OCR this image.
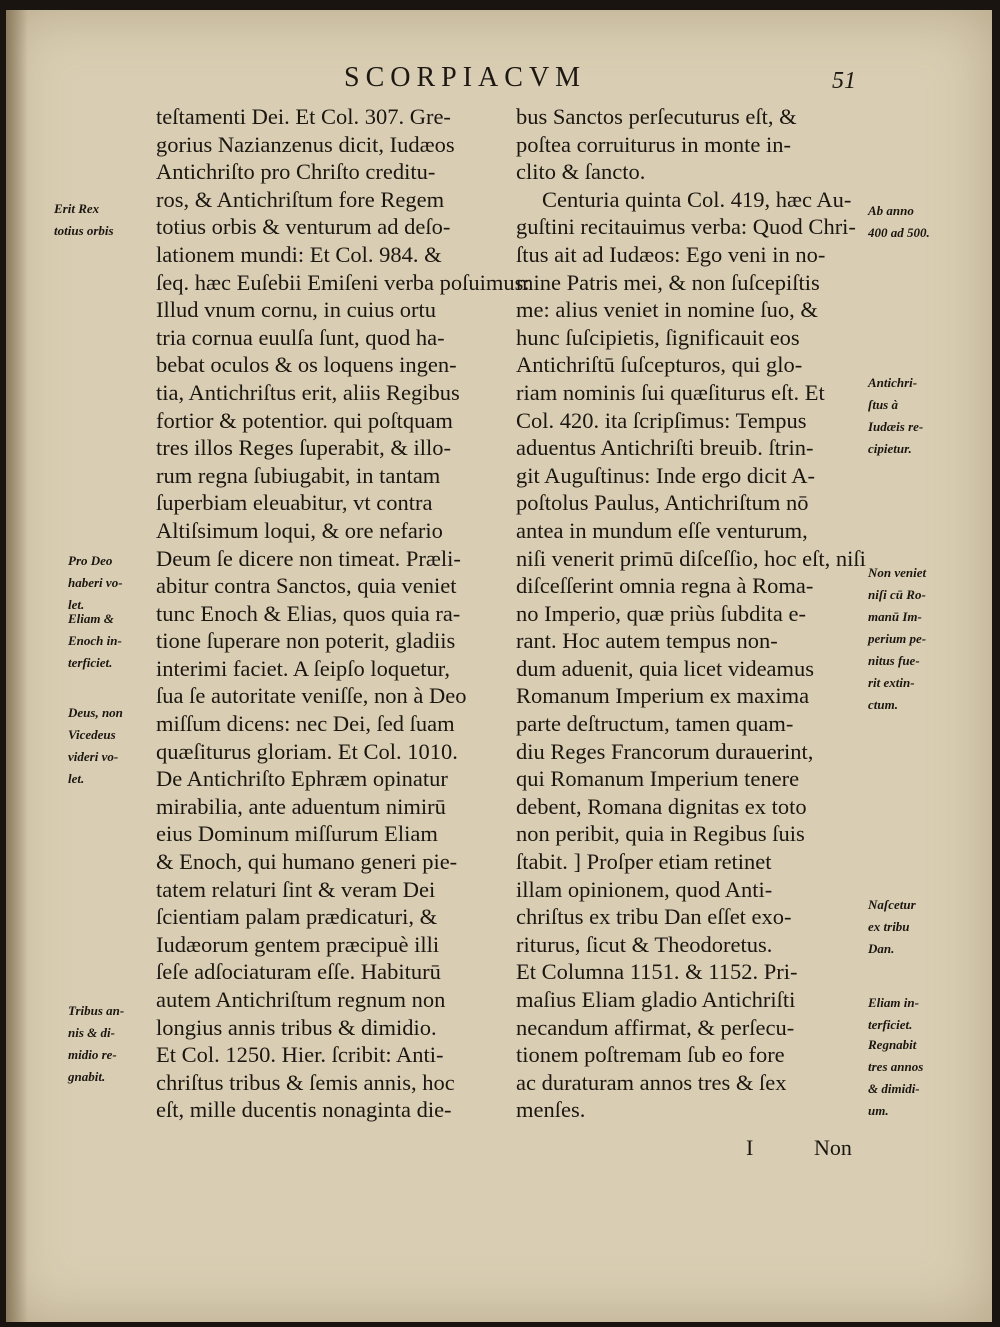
SCORPIACVM	51
teſtamenti Dei. Et Col. 307. Gre-
gorius Nazianzenus dicit, Iudæos
Antichriſto pro Chriſto creditu-
ros, & Antichriſtum fore Regem
totius orbis & venturum ad deſo-
lationem mundi: Et Col. 984. &
ſeq. hæc Euſebii Emiſeni verba poſuimus:
Illud vnum cornu, in cuius ortu
tria cornua euulſa ſunt, quod ha-
bebat oculos & os loquens ingen-
tia, Antichriſtus erit, aliis Regibus
fortior & potentior. qui poſtquam
tres illos Reges ſuperabit, & illo-
rum regna ſubiugabit, in tantam
ſuperbiam eleuabitur, vt contra
Altiſsimum loqui, & ore nefario
Deum ſe dicere non timeat. Præli-
abitur contra Sanctos, quia veniet
tunc Enoch & Elias, quos quia ra-
tione ſuperare non poterit, gladiis
interimi faciet. A ſeipſo loquetur,
ſua ſe autoritate veniſſe, non à Deo
miſſum dicens: nec Dei, ſed ſuam
quæſiturus gloriam. Et Col. 1010.
De Antichriſto Ephræm opinatur
mirabilia, ante aduentum nimirū
eius Dominum miſſurum Eliam
& Enoch, qui humano generi pie-
tatem relaturi ſint & veram Dei
ſcientiam palam prædicaturi, &
Iudæorum gentem præcipuè illi
ſeſe adſociaturam eſſe. Habiturū
autem Antichriſtum regnum non
longius annis tribus & dimidio.
Et Col. 1250. Hier. ſcribit: Anti-
chriſtus tribus & ſemis annis, hoc
eſt, mille ducentis nonaginta die-
bus Sanctos perſecuturus eſt, &
poſtea corruiturus in monte in-
clito & ſancto.
Centuria quinta Col. 419, hæc Au-
guſtini recitauimus verba: Quod Chri-
ſtus ait ad Iudæos: Ego veni in no-
mine Patris mei, & non ſuſcepiſtis
me: alius veniet in nomine ſuo, &
hunc ſuſcipietis, ſignificauit eos
Antichriſtū ſuſcepturos, qui glo-
riam nominis ſui quæſiturus eſt. Et
Col. 420. ita ſcripſimus: Tempus
aduentus Antichriſti breuib. ſtrin-
git Auguſtinus: Inde ergo dicit A-
poſtolus Paulus, Antichriſtum nō
antea in mundum eſſe venturum,
niſi venerit primū diſceſſio, hoc eſt, niſi
diſceſſerint omnia regna à Roma-
no Imperio, quæ priùs ſubdita e-
rant. Hoc autem tempus non-
dum aduenit, quia licet videamus
Romanum Imperium ex maxima
parte deſtructum, tamen quam-
diu Reges Francorum durauerint,
qui Romanum Imperium tenere
debent, Romana dignitas ex toto
non peribit, quia in Regibus ſuis
ſtabit. ] Proſper etiam retinet
illam opinionem, quod Anti-
chriſtus ex tribu Dan eſſet exo-
riturus, ſicut & Theodoretus.
Et Columna 1151. & 1152. Pri-
maſius Eliam gladio Antichriſti
necandum affirmat, & perſecu-
tionem poſtremam ſub eo fore
ac duraturam annos tres & ſex
menſes.
Erit Rex
totius orbis
Pro Deo
haberi vo-
let.
Eliam &
Enoch in-
terficiet.
Deus, non
Vicedeus
videri vo-
let.
Tribus an-
nis & di-
midio re-
gnabit.
Ab anno
400 ad 500.
Antichri-
ſtus à
Iudæis re-
cipietur.
Non veniet
niſi cū Ro-
manū Im-
perium pe-
nitus fue-
rit extin-
ctum.
Naſcetur
ex tribu
Dan.
Eliam in-
terficiet.
Regnabit
tres annos
& dimidi-
um.
I	Non
